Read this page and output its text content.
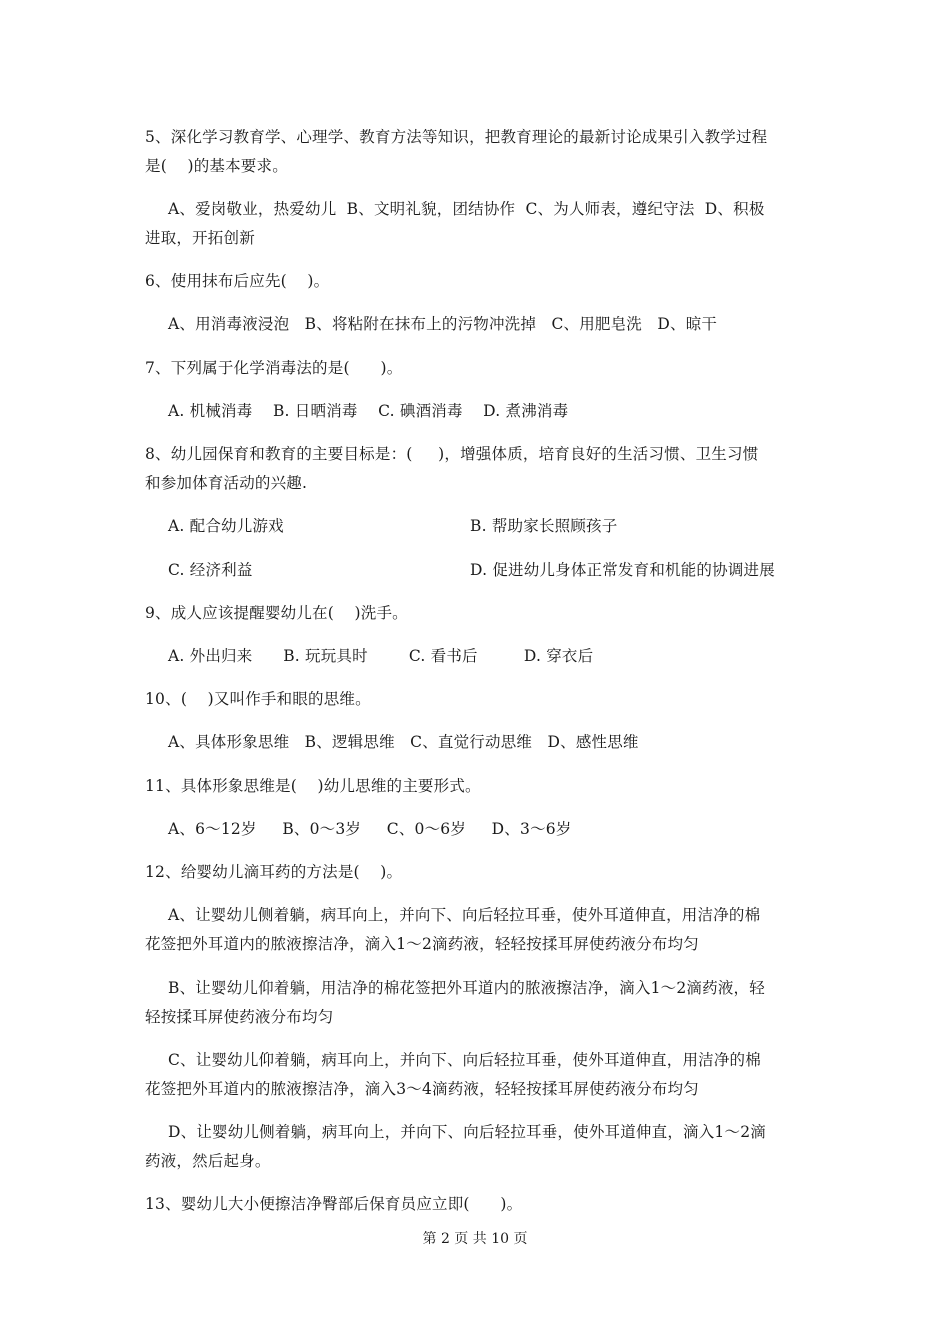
5、深化学习教育学、心理学、教育方法等知识，把教育理论的最新讨论成果引入教学过程
是(    )的基本要求。
A、爱岗敬业，热爱幼儿  B、文明礼貌，团结协作  C、为人师表，遵纪守法  D、积极
进取，开拓创新
6、使用抹布后应先(    )。
A、用消毒液浸泡   B、将粘附在抹布上的污物冲洗掉   C、用肥皂洗   D、晾干
7、下列属于化学消毒法的是(      )。
A. 机械消毒    B. 日晒消毒    C. 碘酒消毒    D. 煮沸消毒
8、幼儿园保育和教育的主要目标是：(     )，增强体质，培育良好的生活习惯、卫生习惯
和参加体育活动的兴趣.
A. 配合幼儿游戏	B. 帮助家长照顾孩子
C. 经济利益	D. 促进幼儿身体正常发育和机能的协调进展
9、成人应该提醒婴幼儿在(    )洗手。
A. 外出归来      B. 玩玩具时        C. 看书后         D. 穿衣后
10、(    )又叫作手和眼的思维。
A、具体形象思维   B、逻辑思维   C、直觉行动思维   D、感性思维
11、具体形象思维是(    )幼儿思维的主要形式。
A、6～12岁     B、0～3岁     C、0～6岁     D、3～6岁
12、给婴幼儿滴耳药的方法是(    )。
A、让婴幼儿侧着躺，病耳向上，并向下、向后轻拉耳垂，使外耳道伸直，用洁净的棉
花签把外耳道内的脓液擦洁净，滴入1～2滴药液，轻轻按揉耳屏使药液分布均匀
B、让婴幼儿仰着躺，用洁净的棉花签把外耳道内的脓液擦洁净，滴入1～2滴药液，轻
轻按揉耳屏使药液分布均匀
C、让婴幼儿仰着躺，病耳向上，并向下、向后轻拉耳垂，使外耳道伸直，用洁净的棉
花签把外耳道内的脓液擦洁净，滴入3～4滴药液，轻轻按揉耳屏使药液分布均匀
D、让婴幼儿侧着躺，病耳向上，并向下、向后轻拉耳垂，使外耳道伸直，滴入1～2滴
药液，然后起身。
13、婴幼儿大小便擦洁净臀部后保育员应立即(      )。
第 2 页 共 10 页
